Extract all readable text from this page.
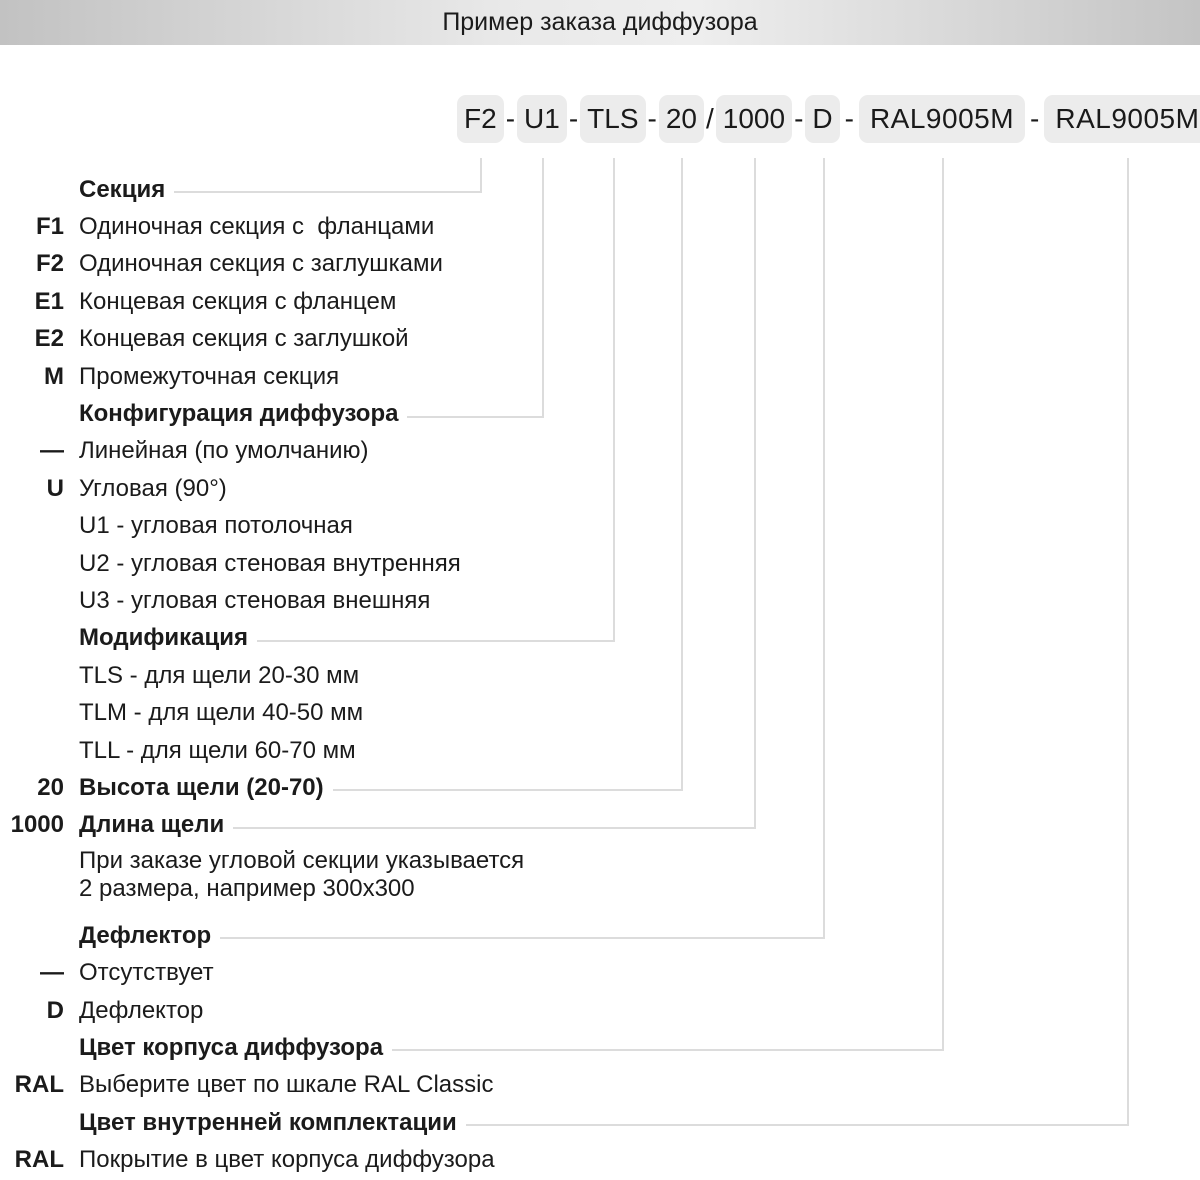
Пример заказа диффузора
F2 - U1 - TLS - 20 / 1000 - D - RAL9005M - RAL9005M
Секция
F1 Одиночная секция с  фланцами
F2 Одиночная секция с заглушками
E1 Концевая секция с фланцем
E2 Концевая секция с заглушкой
M Промежуточная секция
Конфигурация диффузора
— Линейная (по умолчанию)
U Угловая (90°)
U1 - угловая потолочная
U2 - угловая стеновая внутренняя
U3 - угловая стеновая внешняя
Модификация
TLS - для щели 20-30 мм
TLM - для щели 40-50 мм
TLL - для щели 60-70 мм
20 Высота щели (20-70)
1000 Длина щели
При заказе угловой секции указывается
2 размера, например 300x300
Дефлектор
— Отсутствует
D Дефлектор
Цвет корпуса диффузора
RAL Выберите цвет по шкале RAL Classic
Цвет внутренней комплектации
RAL Покрытие в цвет корпуса диффузора
